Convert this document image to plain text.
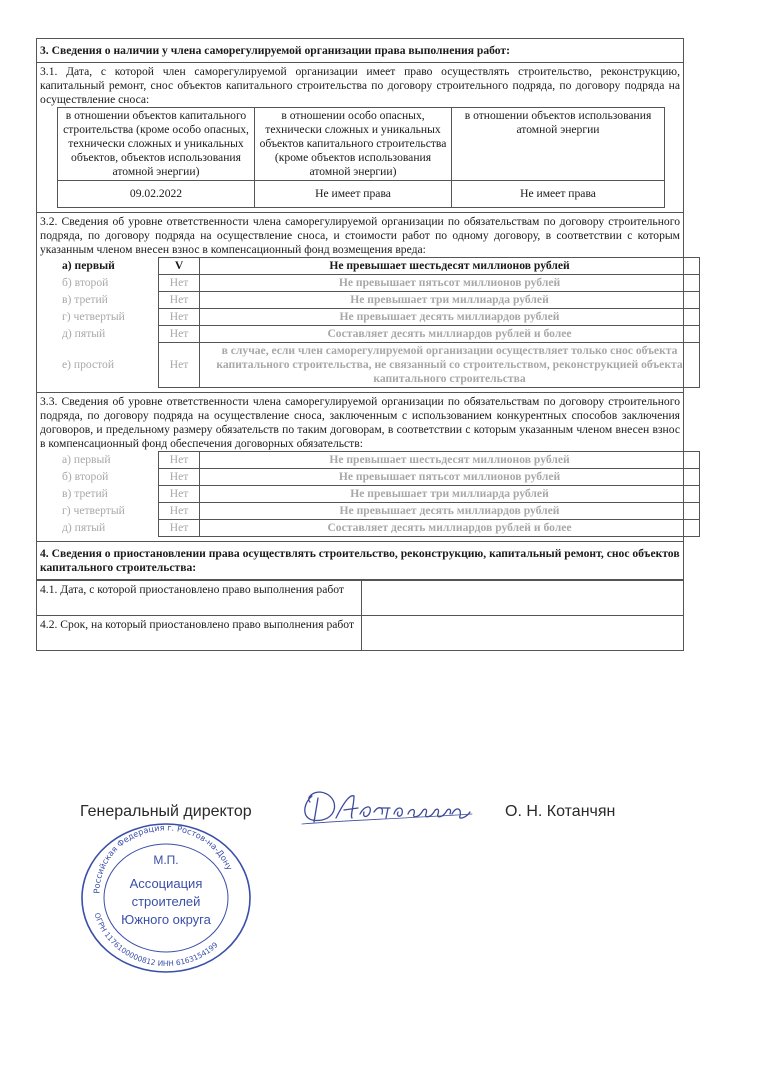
3. Сведения о наличии у члена саморегулируемой организации права выполнения работ:
3.1. Дата, с которой член саморегулируемой организации имеет право осуществлять строительство, реконструкцию, капитальный ремонт, снос объектов капитального строительства по договору строительного подряда, по договору подряда на осуществление сноса:
в отношении объектов капитального строительства (кроме особо опасных, технически сложных и уникальных объектов, объектов использования атомной энергии)	в отношении особо опасных, технически сложных и уникальных объектов капитального строительства (кроме объектов использования атомной энергии)	в отношении объектов использования атомной энергии
09.02.2022	Не имеет права	Не имеет права
3.2. Сведения об уровне ответственности члена саморегулируемой организации по обязательствам по договору строительного подряда, по договору подряда на осуществление сноса, и стоимости работ по одному договору, в соответствии с которым указанным членом внесен взнос в компенсационный фонд возмещения вреда:
а) первый	V	Не превышает шестьдесят миллионов рублей
б) второй	Нет	Не превышает пятьсот миллионов рублей
в) третий	Нет	Не превышает три миллиарда рублей
г) четвертый	Нет	Не превышает десять миллиардов рублей
д) пятый	Нет	Составляет десять миллиардов рублей и более
е) простой	Нет	в случае, если член саморегулируемой организации осуществляет только снос объекта капитального строительства, не связанный со строительством, реконструкцией объекта капитального строительства
3.3. Сведения об уровне ответственности члена саморегулируемой организации по обязательствам по договору строительного подряда, по договору подряда на осуществление сноса, заключенным с использованием конкурентных способов заключения договоров, и предельному размеру обязательств по таким договорам, в соответствии с которым указанным членом внесен взнос в компенсационный фонд обеспечения договорных обязательств:
а) первый	Нет	Не превышает шестьдесят миллионов рублей
б) второй	Нет	Не превышает пятьсот миллионов рублей
в) третий	Нет	Не превышает три миллиарда рублей
г) четвертый	Нет	Не превышает десять миллиардов рублей
д) пятый	Нет	Составляет десять миллиардов рублей и более
4. Сведения о приостановлении права осуществлять строительство, реконструкцию, капитальный ремонт, снос объектов капитального строительства:
4.1. Дата, с которой приостановлено право выполнения работ	
4.2. Срок, на который приостановлено право выполнения работ	
Генеральный директор	О. Н. Котанчян
Российская Федерация г. Ростов-на-Дону
ОГРН 1176100000812 ИНН 6163154199
М.П.
Ассоциация
строителей
Южного округа
